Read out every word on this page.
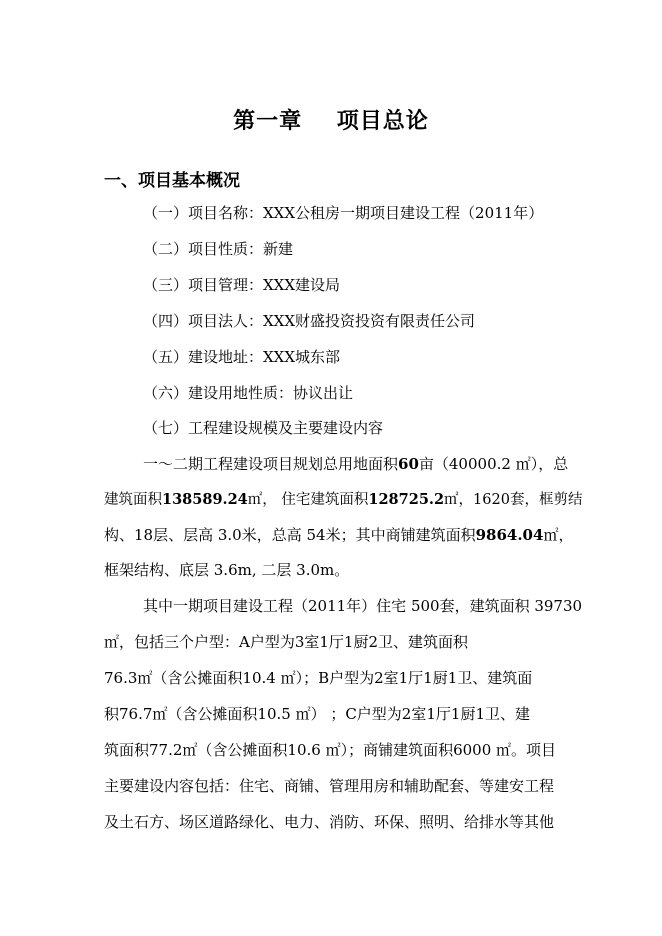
第一章    项目总论
一、项目基本概况
（一）项目名称：XXX公租房一期项目建设工程（2011年）
（二）项目性质：新建
（三）项目管理：XXX建设局
（四）项目法人：XXX财盛投资投资有限责任公司
（五）建设地址：XXX城东部
（六）建设用地性质：协议出让
（七）工程建设规模及主要建设内容
一～二期工程建设项目规划总用地面积60亩（40000.2 ㎡），总
建筑面积138589.24㎡， 住宅建筑面积128725.2㎡，1620套，框剪结
构、18层、层高 3.0米，总高 54米；其中商铺建筑面积9864.04㎡，
框架结构、底层 3.6m, 二层 3.0m。
其中一期项目建设工程（2011年）住宅 500套，建筑面积 39730
㎡，包括三个户型：A户型为3室1厅1厨2卫、建筑面积
76.3㎡（含公摊面积10.4 ㎡）；B户型为2室1厅1厨1卫、建筑面
积76.7㎡（含公摊面积10.5 ㎡） ；C户型为2室1厅1厨1卫、建
筑面积77.2㎡（含公摊面积10.6 ㎡）；商铺建筑面积6000 ㎡。项目
主要建设内容包括：住宅、商铺、管理用房和辅助配套、等建安工程
及土石方、场区道路绿化、电力、消防、环保、照明、给排水等其他
